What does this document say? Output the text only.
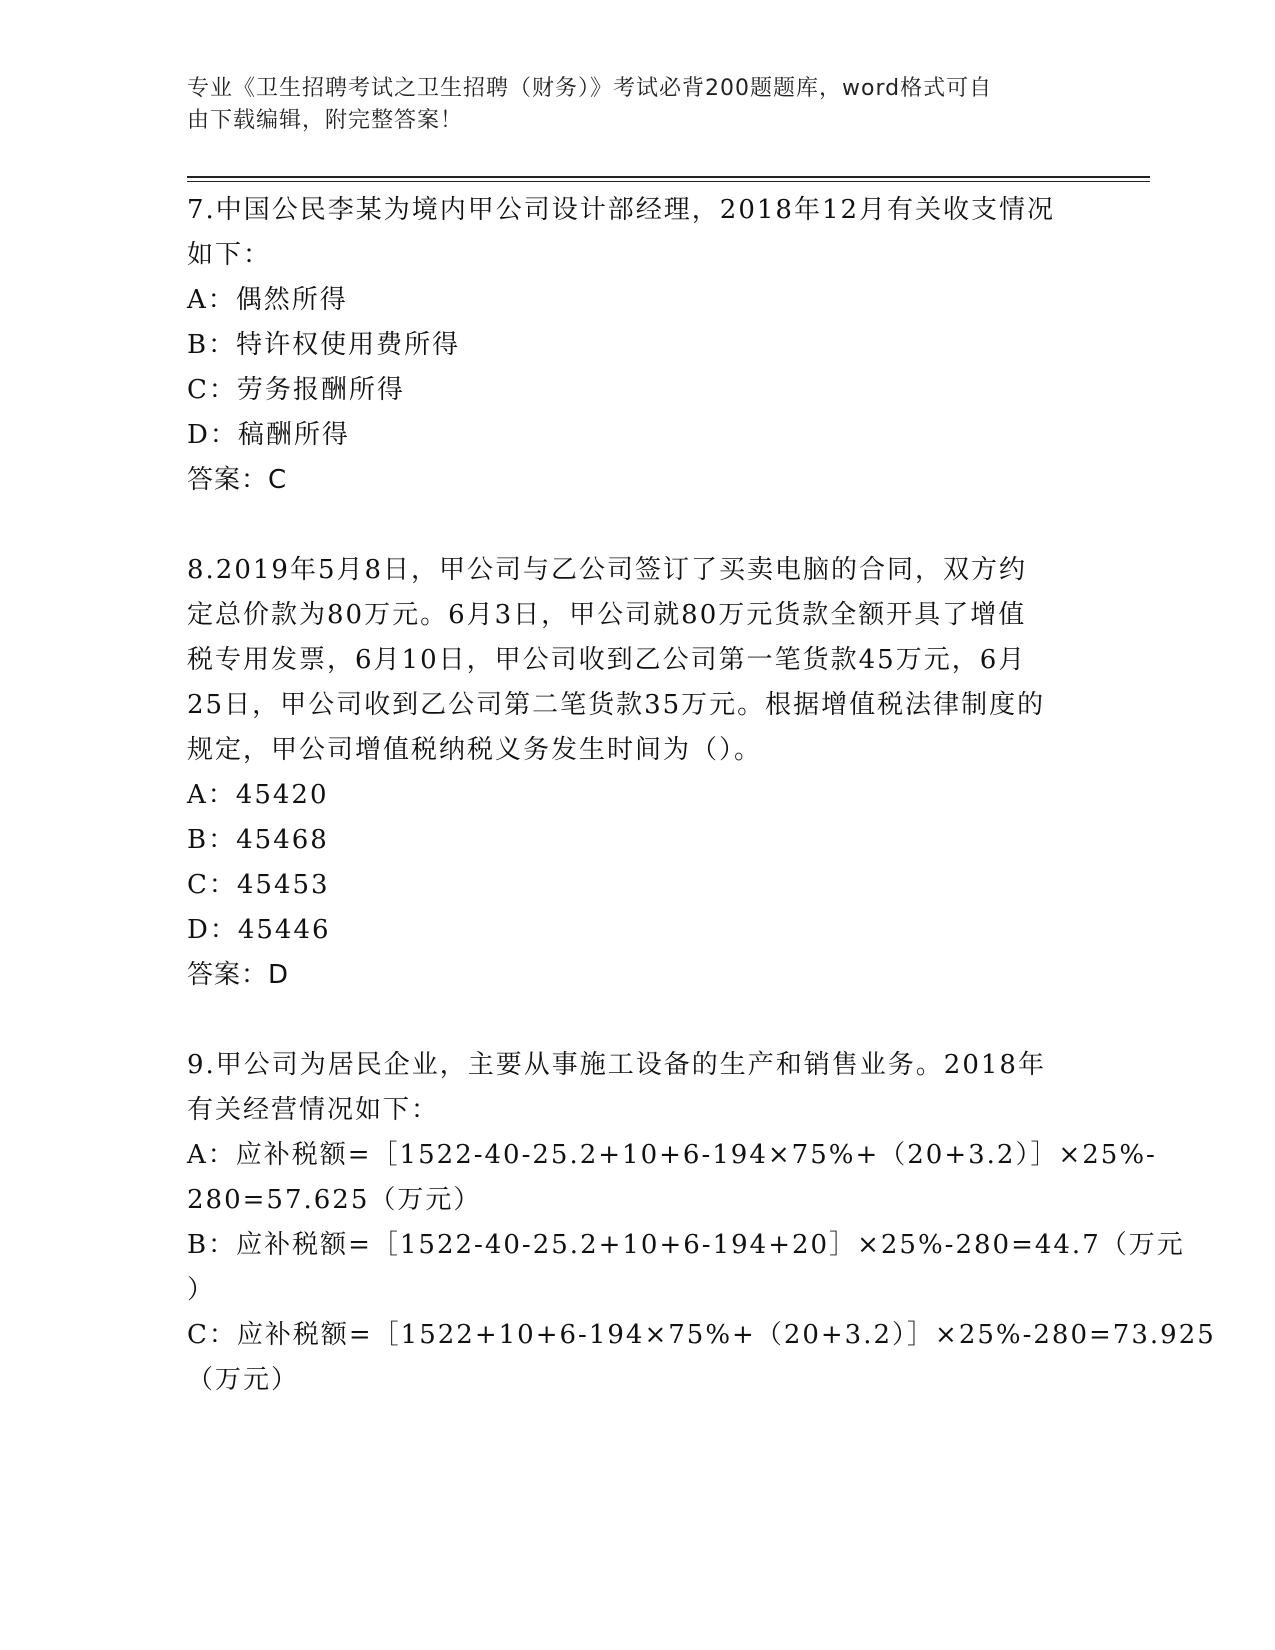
专业《卫生招聘考试之卫生招聘（财务）》考试必背200题题库，word格式可自
由下载编辑，附完整答案！
7.中国公民李某为境内甲公司设计部经理，2018年12月有关收支情况
如下：
A：偶然所得
B：特许权使用费所得
C：劳务报酬所得
D：稿酬所得
答案：C
8.2019年5月8日，甲公司与乙公司签订了买卖电脑的合同，双方约
定总价款为80万元。6月3日，甲公司就80万元货款全额开具了增值
税专用发票，6月10日，甲公司收到乙公司第一笔货款45万元，6月
25日，甲公司收到乙公司第二笔货款35万元。根据增值税法律制度的
规定，甲公司增值税纳税义务发生时间为（）。
A：45420
B：45468
C：45453
D：45446
答案：D
9.甲公司为居民企业，主要从事施工设备的生产和销售业务。2018年
有关经营情况如下：
A：应补税额=［1522-40-25.2+10+6-194×75%+（20+3.2）］×25%-
280=57.625（万元）
B：应补税额=［1522-40-25.2+10+6-194+20］×25%-280=44.7（万元
）
C：应补税额=［1522+10+6-194×75%+（20+3.2）］×25%-280=73.925
（万元）
